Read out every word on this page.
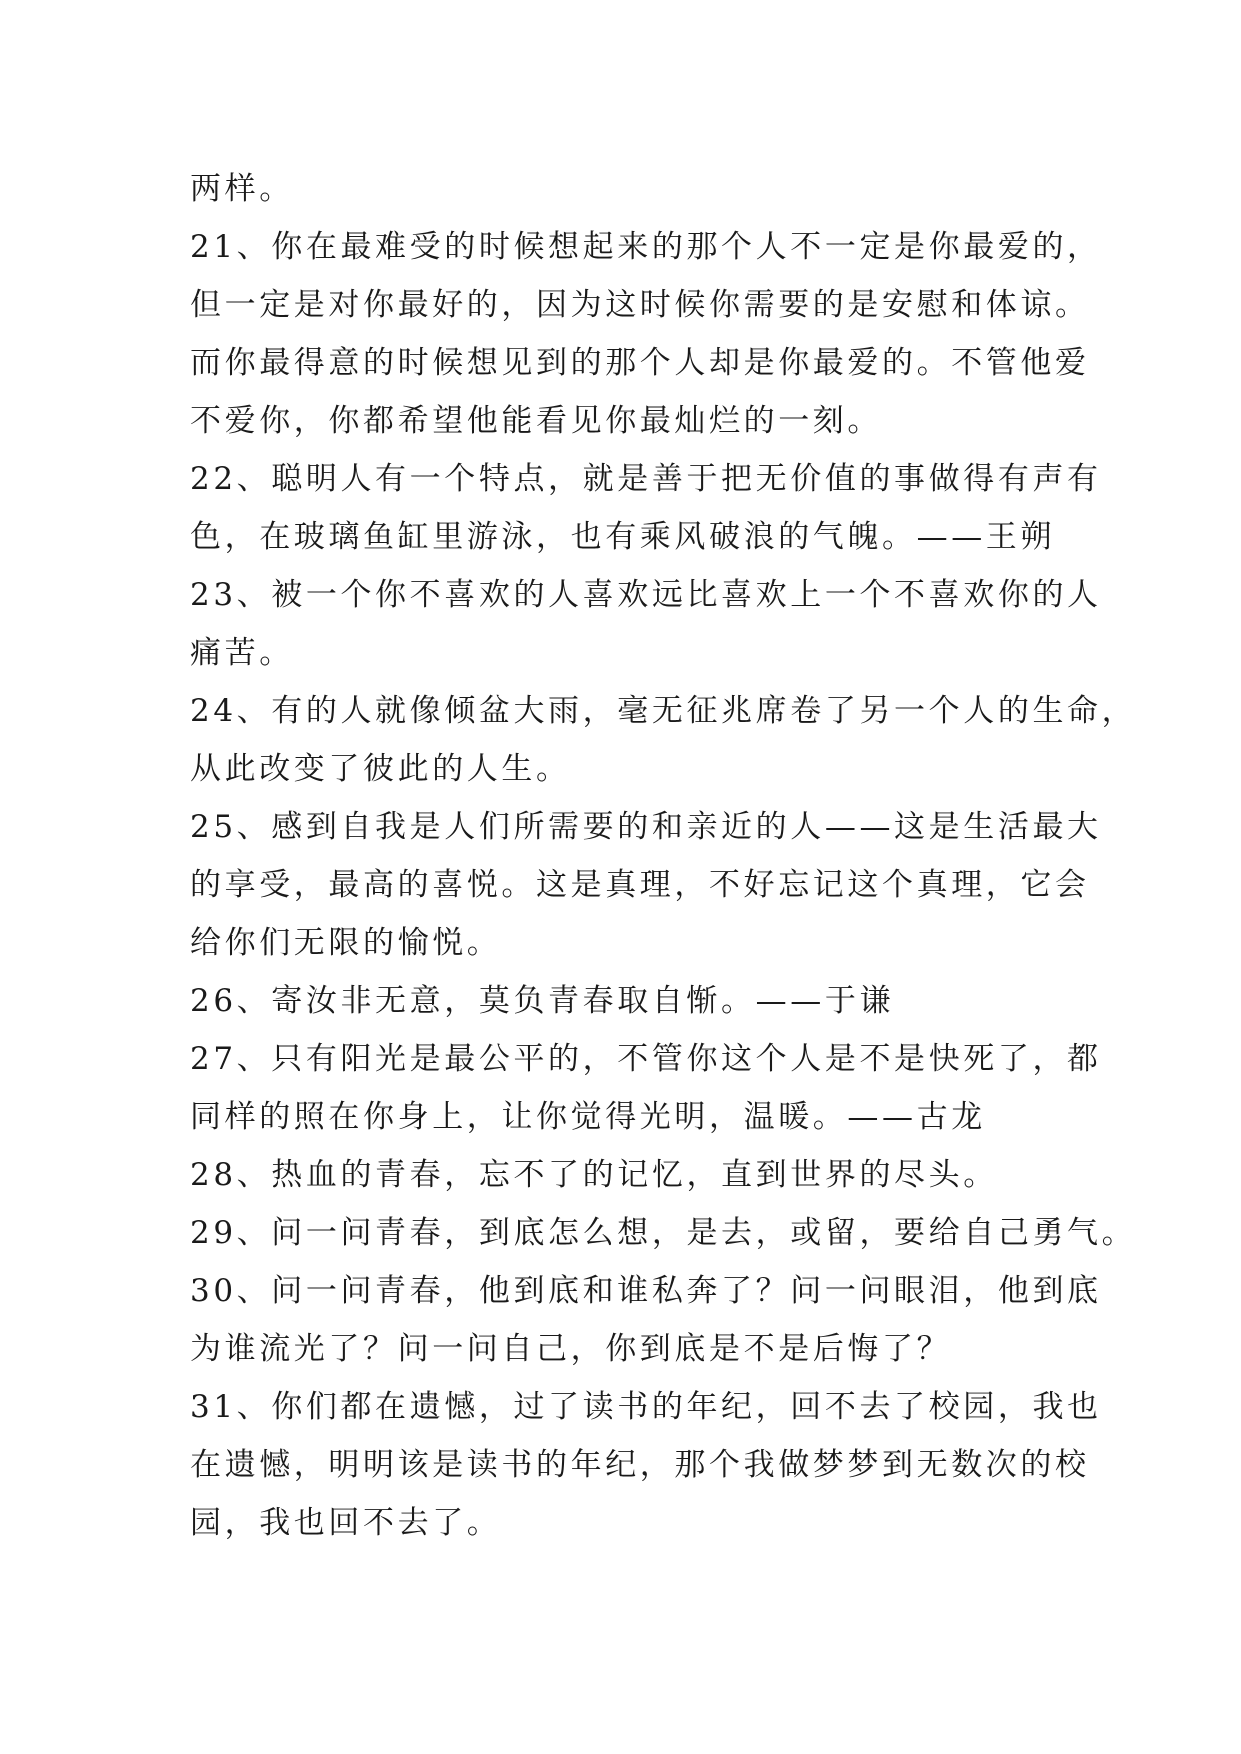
两样。
21、你在最难受的时候想起来的那个人不一定是你最爱的，
但一定是对你最好的，因为这时候你需要的是安慰和体谅。
而你最得意的时候想见到的那个人却是你最爱的。不管他爱
不爱你，你都希望他能看见你最灿烂的一刻。
22、聪明人有一个特点，就是善于把无价值的事做得有声有
色，在玻璃鱼缸里游泳，也有乘风破浪的气魄。——王朔
23、被一个你不喜欢的人喜欢远比喜欢上一个不喜欢你的人
痛苦。
24、有的人就像倾盆大雨，毫无征兆席卷了另一个人的生命，
从此改变了彼此的人生。
25、感到自我是人们所需要的和亲近的人——这是生活最大
的享受，最高的喜悦。这是真理，不好忘记这个真理，它会
给你们无限的愉悦。
26、寄汝非无意，莫负青春取自惭。——于谦
27、只有阳光是最公平的，不管你这个人是不是快死了，都
同样的照在你身上，让你觉得光明，温暖。——古龙
28、热血的青春，忘不了的记忆，直到世界的尽头。
29、问一问青春，到底怎么想，是去，或留，要给自己勇气。
30、问一问青春，他到底和谁私奔了？问一问眼泪，他到底
为谁流光了？问一问自己，你到底是不是后悔了？
31、你们都在遗憾，过了读书的年纪，回不去了校园，我也
在遗憾，明明该是读书的年纪，那个我做梦梦到无数次的校
园，我也回不去了。
